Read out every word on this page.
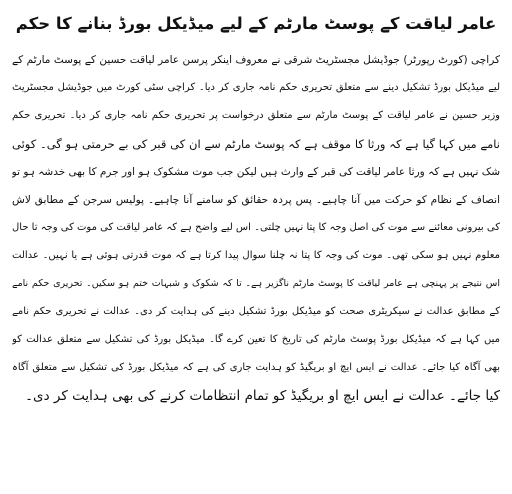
عامر لیاقت کے پوسٹ مارٹم کے لیے میڈیکل بورڈ بنانے کا حکم
کراچی (کورٹ رپورٹر) جوڈیشل مجسٹریٹ شرقی نے معروف اینکر پرسن عامر لیاقت حسین کے پوسٹ مارٹم کے
لیے میڈیکل بورڈ تشکیل دینے سے متعلق تحریری حکم نامہ جاری کر دیا۔ کراچی سٹی کورٹ میں جوڈیشل مجسٹریٹ
وزیر حسین نے عامر لیاقت کے پوسٹ مارٹم سے متعلق درخواست پر تحریری حکم نامہ جاری کر دیا۔ تحریری حکم
نامے میں کہا گیا ہے کہ ورثا کا موقف ہے کہ پوسٹ مارٹم سے ان کی قبر کی بے حرمتی ہو گی۔ کوئی
شک نہیں ہے کہ ورثا عامر لیاقت کی قبر کے وارث ہیں لیکن جب موت مشکوک ہو اور جرم کا بھی خدشہ ہو تو
انصاف کے نظام کو حرکت میں آنا چاہیے۔ پس پردہ حقائق کو سامنے آنا چاہیے۔ پولیس سرجن کے مطابق لاش
کی بیرونی معائنے سے موت کی اصل وجہ کا پتا نہیں چلتی۔ اس لیے واضح ہے کہ عامر لیاقت کی موت کی وجہ تا حال
معلوم نہیں ہو سکی تھی۔ موت کی وجہ کا پتا نہ چلنا سوال پیدا کرتا ہے کہ موت قدرتی ہوئی ہے یا نہیں۔ عدالت
اس نتیجے پر پہنچی ہے عامر لیاقت کا پوسٹ مارٹم ناگزیر ہے۔ تا کہ شکوک و شبہات ختم ہو سکیں۔ تحریری حکم نامے
کے مطابق عدالت نے سیکریٹری صحت کو میڈیکل بورڈ تشکیل دینے کی ہدایت کر دی۔ عدالت نے تحریری حکم نامے
میں کہا ہے کہ میڈیکل بورڈ پوسٹ مارٹم کی تاریخ کا تعین کرے گا۔ میڈیکل بورڈ کی تشکیل سے متعلق عدالت کو
بھی آگاہ کیا جائے۔ عدالت نے ایس ایچ او بریگیڈ کو ہدایت جاری کی ہے کہ میڈیکل بورڈ کی تشکیل سے متعلق آگاہ
کیا جائے۔ عدالت نے ایس ایچ او بریگیڈ کو تمام انتظامات کرنے کی بھی ہدایت کر دی۔
